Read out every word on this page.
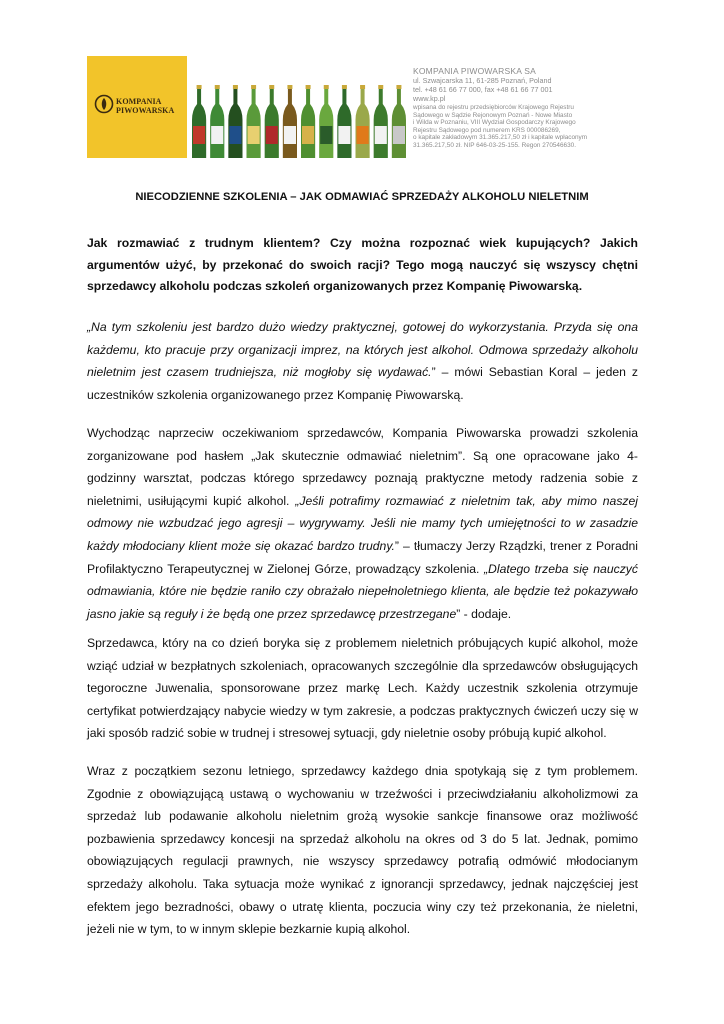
KOMPANIA
PIWOWARSKA
KOMPANIA PIWOWARSKA SA
ul. Szwajcarska 11, 61-285 Poznań, Poland
tel. +48 61 66 77 000, fax +48 61 66 77 001
www.kp.pl
wpisana do rejestru przedsiębiorców Krajowego Rejestru
Sądowego w Sądzie Rejonowym Poznań - Nowe Miasto
i Wilda w Poznaniu, VIII Wydział Gospodarczy Krajowego
Rejestru Sądowego pod numerem KRS 000086269,
o kapitale zakładowym 31.365.217,50 zł i kapitale wpłaconym
31.365.217,50 zł. NIP 646-03-25-155. Regon 270546630.
NIECODZIENNE SZKOLENIA – JAK ODMAWIAĆ SPRZEDAŻY ALKOHOLU NIELETNIM
Jak rozmawiać z trudnym klientem? Czy można rozpoznać wiek kupujących? Jakich argumentów użyć, by przekonać do swoich racji? Tego mogą nauczyć się wszyscy chętni sprzedawcy alkoholu podczas szkoleń organizowanych przez Kompanię Piwowarską.
„Na tym szkoleniu jest bardzo dużo wiedzy praktycznej, gotowej do wykorzystania. Przyda się ona każdemu, kto pracuje przy organizacji imprez, na których jest alkohol. Odmowa sprzedaży alkoholu nieletnim jest czasem trudniejsza, niż mogłoby się wydawać.” – mówi Sebastian Koral – jeden z uczestników szkolenia organizowanego przez Kompanię Piwowarską.
Wychodząc naprzeciw oczekiwaniom sprzedawców, Kompania Piwowarska prowadzi szkolenia zorganizowane pod hasłem „Jak skutecznie odmawiać nieletnim”. Są one opracowane jako 4-godzinny warsztat, podczas którego sprzedawcy poznają praktyczne metody radzenia sobie z nieletnimi, usiłującymi kupić alkohol. „Jeśli potrafimy rozmawiać z nieletnim tak, aby mimo naszej odmowy nie wzbudzać jego agresji – wygrywamy. Jeśli nie mamy tych umiejętności to w zasadzie każdy młodociany klient może się okazać bardzo trudny.” – tłumaczy Jerzy Rządzki, trener z Poradni Profilaktyczno Terapeutycznej w Zielonej Górze, prowadzący szkolenia. „Dlatego trzeba się nauczyć odmawiania, które nie będzie raniło czy obrażało niepełnoletniego klienta, ale będzie też pokazywało jasno jakie są reguły i że będą one przez sprzedawcę przestrzegane” - dodaje.
Sprzedawca, który na co dzień boryka się z problemem nieletnich próbujących kupić alkohol, może wziąć udział w bezpłatnych szkoleniach, opracowanych szczególnie dla sprzedawców obsługujących tegoroczne Juwenalia, sponsorowane przez markę Lech. Każdy uczestnik szkolenia otrzymuje certyfikat potwierdzający nabycie wiedzy w tym zakresie, a podczas praktycznych ćwiczeń uczy się w jaki sposób radzić sobie w trudnej i stresowej sytuacji, gdy nieletnie osoby próbują kupić alkohol.
Wraz z początkiem sezonu letniego, sprzedawcy każdego dnia spotykają się z tym problemem. Zgodnie z obowiązującą ustawą o wychowaniu w trzeźwości i przeciwdziałaniu alkoholizmowi za sprzedaż lub podawanie alkoholu nieletnim grożą wysokie sankcje finansowe oraz możliwość pozbawienia sprzedawcy koncesji na sprzedaż alkoholu na okres od 3 do 5 lat. Jednak, pomimo obowiązujących regulacji prawnych, nie wszyscy sprzedawcy potrafią odmówić młodocianym sprzedaży alkoholu. Taka sytuacja może wynikać z ignorancji sprzedawcy, jednak najczęściej jest efektem jego bezradności, obawy o utratę klienta, poczucia winy czy też przekonania, że nieletni, jeżeli nie w tym, to w innym sklepie bezkarnie kupią alkohol.
